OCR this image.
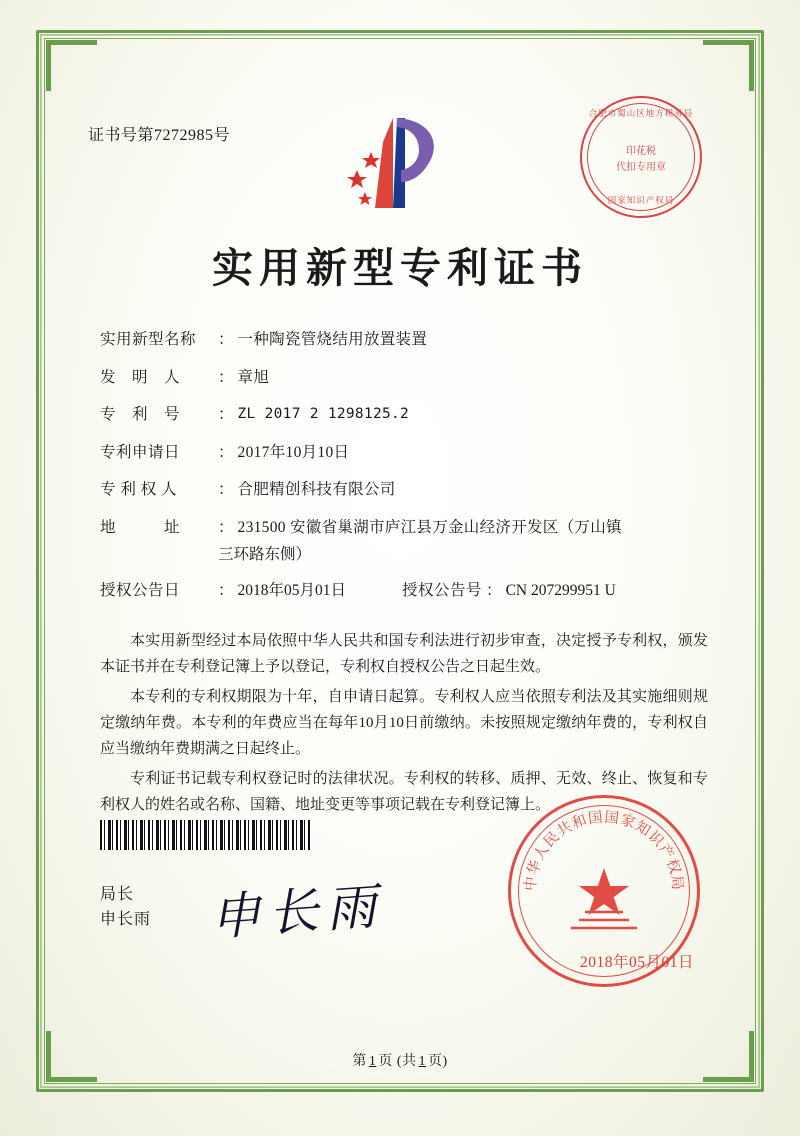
证书号第7272985号
合肥市蜀山区地方税务局
印花税
代扣专用章
国家知识产权局
实用新型专利证书
实用新型名称	： 一种陶瓷管烧结用放置装置
发　明　人	： 章旭
专　利　号	： ZL 2017 2 1298125.2
专利申请日	： 2017年10月10日
专 利 权 人	： 合肥精创科技有限公司
地　　　址	： 231500 安徽省巢湖市庐江县万金山经济开发区（万山镇
三环路东侧）
授权公告日	： 2018年05月01日	授权公告号 ： CN 207299951 U

本实用新型经过本局依照中华人民共和国专利法进行初步审查，决定授予专利权，颁发本证书并在专利登记簿上予以登记，专利权自授权公告之日起生效。

本专利的专利权期限为十年，自申请日起算。专利权人应当依照专利法及其实施细则规定缴纳年费。本专利的年费应当在每年10月10日前缴纳。未按照规定缴纳年费的，专利权自应当缴纳年费期满之日起终止。

专利证书记载专利权登记时的法律状况。专利权的转移、质押、无效、终止、恢复和专利权人的姓名或名称、国籍、地址变更等事项记载在专利登记簿上。

局长
申长雨 申长雨	中华人民共和国国家知识产权局
2018年05月01日
第 1 页 (共 1 页)
